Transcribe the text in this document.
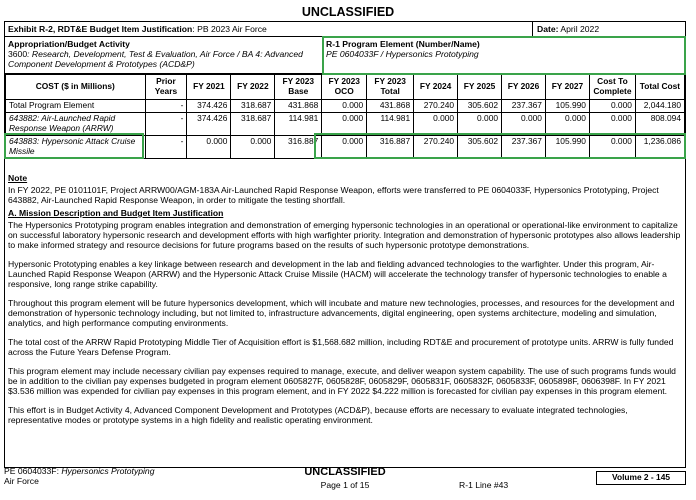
UNCLASSIFIED
Exhibit R-2, RDT&E Budget Item Justification: PB 2023 Air Force	Date: April 2022
Appropriation/Budget Activity
3600: Research, Development, Test & Evaluation, Air Force / BA 4: Advanced Component Development & Prototypes (ACD&P)
R-1 Program Element (Number/Name)
PE 0604033F / Hypersonics Prototyping
COST ($ in Millions)	Prior Years	FY 2021	FY 2022	FY 2023 Base	FY 2023 OCO	FY 2023 Total	FY 2024	FY 2025	FY 2026	FY 2027	Cost To Complete	Total Cost
Total Program Element	-	374.426	318.687	431.868	0.000	431.868	270.240	305.602	237.367	105.990	0.000	2,044.180
643882: Air-Launched Rapid Response Weapon (ARRW)	-	374.426	318.687	114.981	0.000	114.981	0.000	0.000	0.000	0.000	0.000	808.094
643883: Hypersonic Attack Cruise Missile	-	0.000	0.000	316.887	0.000	316.887	270.240	305.602	237.367	105.990	0.000	1,236.086
Note

In FY 2022, PE 0101101F, Project ARRW00/AGM-183A Air-Launched Rapid Response Weapon, efforts were transferred to PE 0604033F, Hypersonics Prototyping, Project 643882, Air-Launched Rapid Response Weapon, in order to mitigate the testing shortfall.

A. Mission Description and Budget Item Justification

The Hypersonics Prototyping program enables integration and demonstration of emerging hypersonic technologies in an operational or operational-like environment to capitalize on successful laboratory hypersonic research and development efforts with high warfighter priority. Integration and demonstration of hypersonic prototypes also allows leadership to make informed strategy and resource decisions for future programs based on the results of such hypersonic prototype demonstrations.

Hypersonic Prototyping enables a key linkage between research and development in the lab and fielding advanced technologies to the warfighter. Under this program, Air-Launched Rapid Response Weapon (ARRW) and the Hypersonic Attack Cruise Missile (HACM) will accelerate the technology transfer of hypersonic technologies to enable a responsive, long range strike capability.

Throughout this program element will be future hypersonics development, which will incubate and mature new technologies, processes, and resources for the development and demonstration of hypersonic technology including, but not limited to, infrastructure advancements, digital engineering, open systems architecture, modeling and simulation, analytics, and high performance computing environments.

The total cost of the ARRW Rapid Prototyping Middle Tier of Acquisition effort is $1,568.682 million, including RDT&E and procurement of prototype units. ARRW is fully funded across the Future Years Defense Program.

This program element may include necessary civilian pay expenses required to manage, execute, and deliver weapon system capability. The use of such programs funds would be in addition to the civilian pay expenses budgeted in program element 0605827F, 0605828F, 0605829F, 0605831F, 0605832F, 0605833F, 0605898F, 0606398F. In FY 2021 $3.536 million was expended for civilian pay expenses in this program element, and in FY 2022 $4.222 million is forecasted for civilian pay expenses in this program element.

This effort is in Budget Activity 4, Advanced Component Development and Prototypes (ACD&P), because efforts are necessary to evaluate integrated technologies, representative modes or prototype systems in a high fidelity and realistic operating environment.

PE 0604033F: Hypersonics Prototyping
Air Force
UNCLASSIFIED
Page 1 of 15	R-1 Line #43
Volume 2 - 145
